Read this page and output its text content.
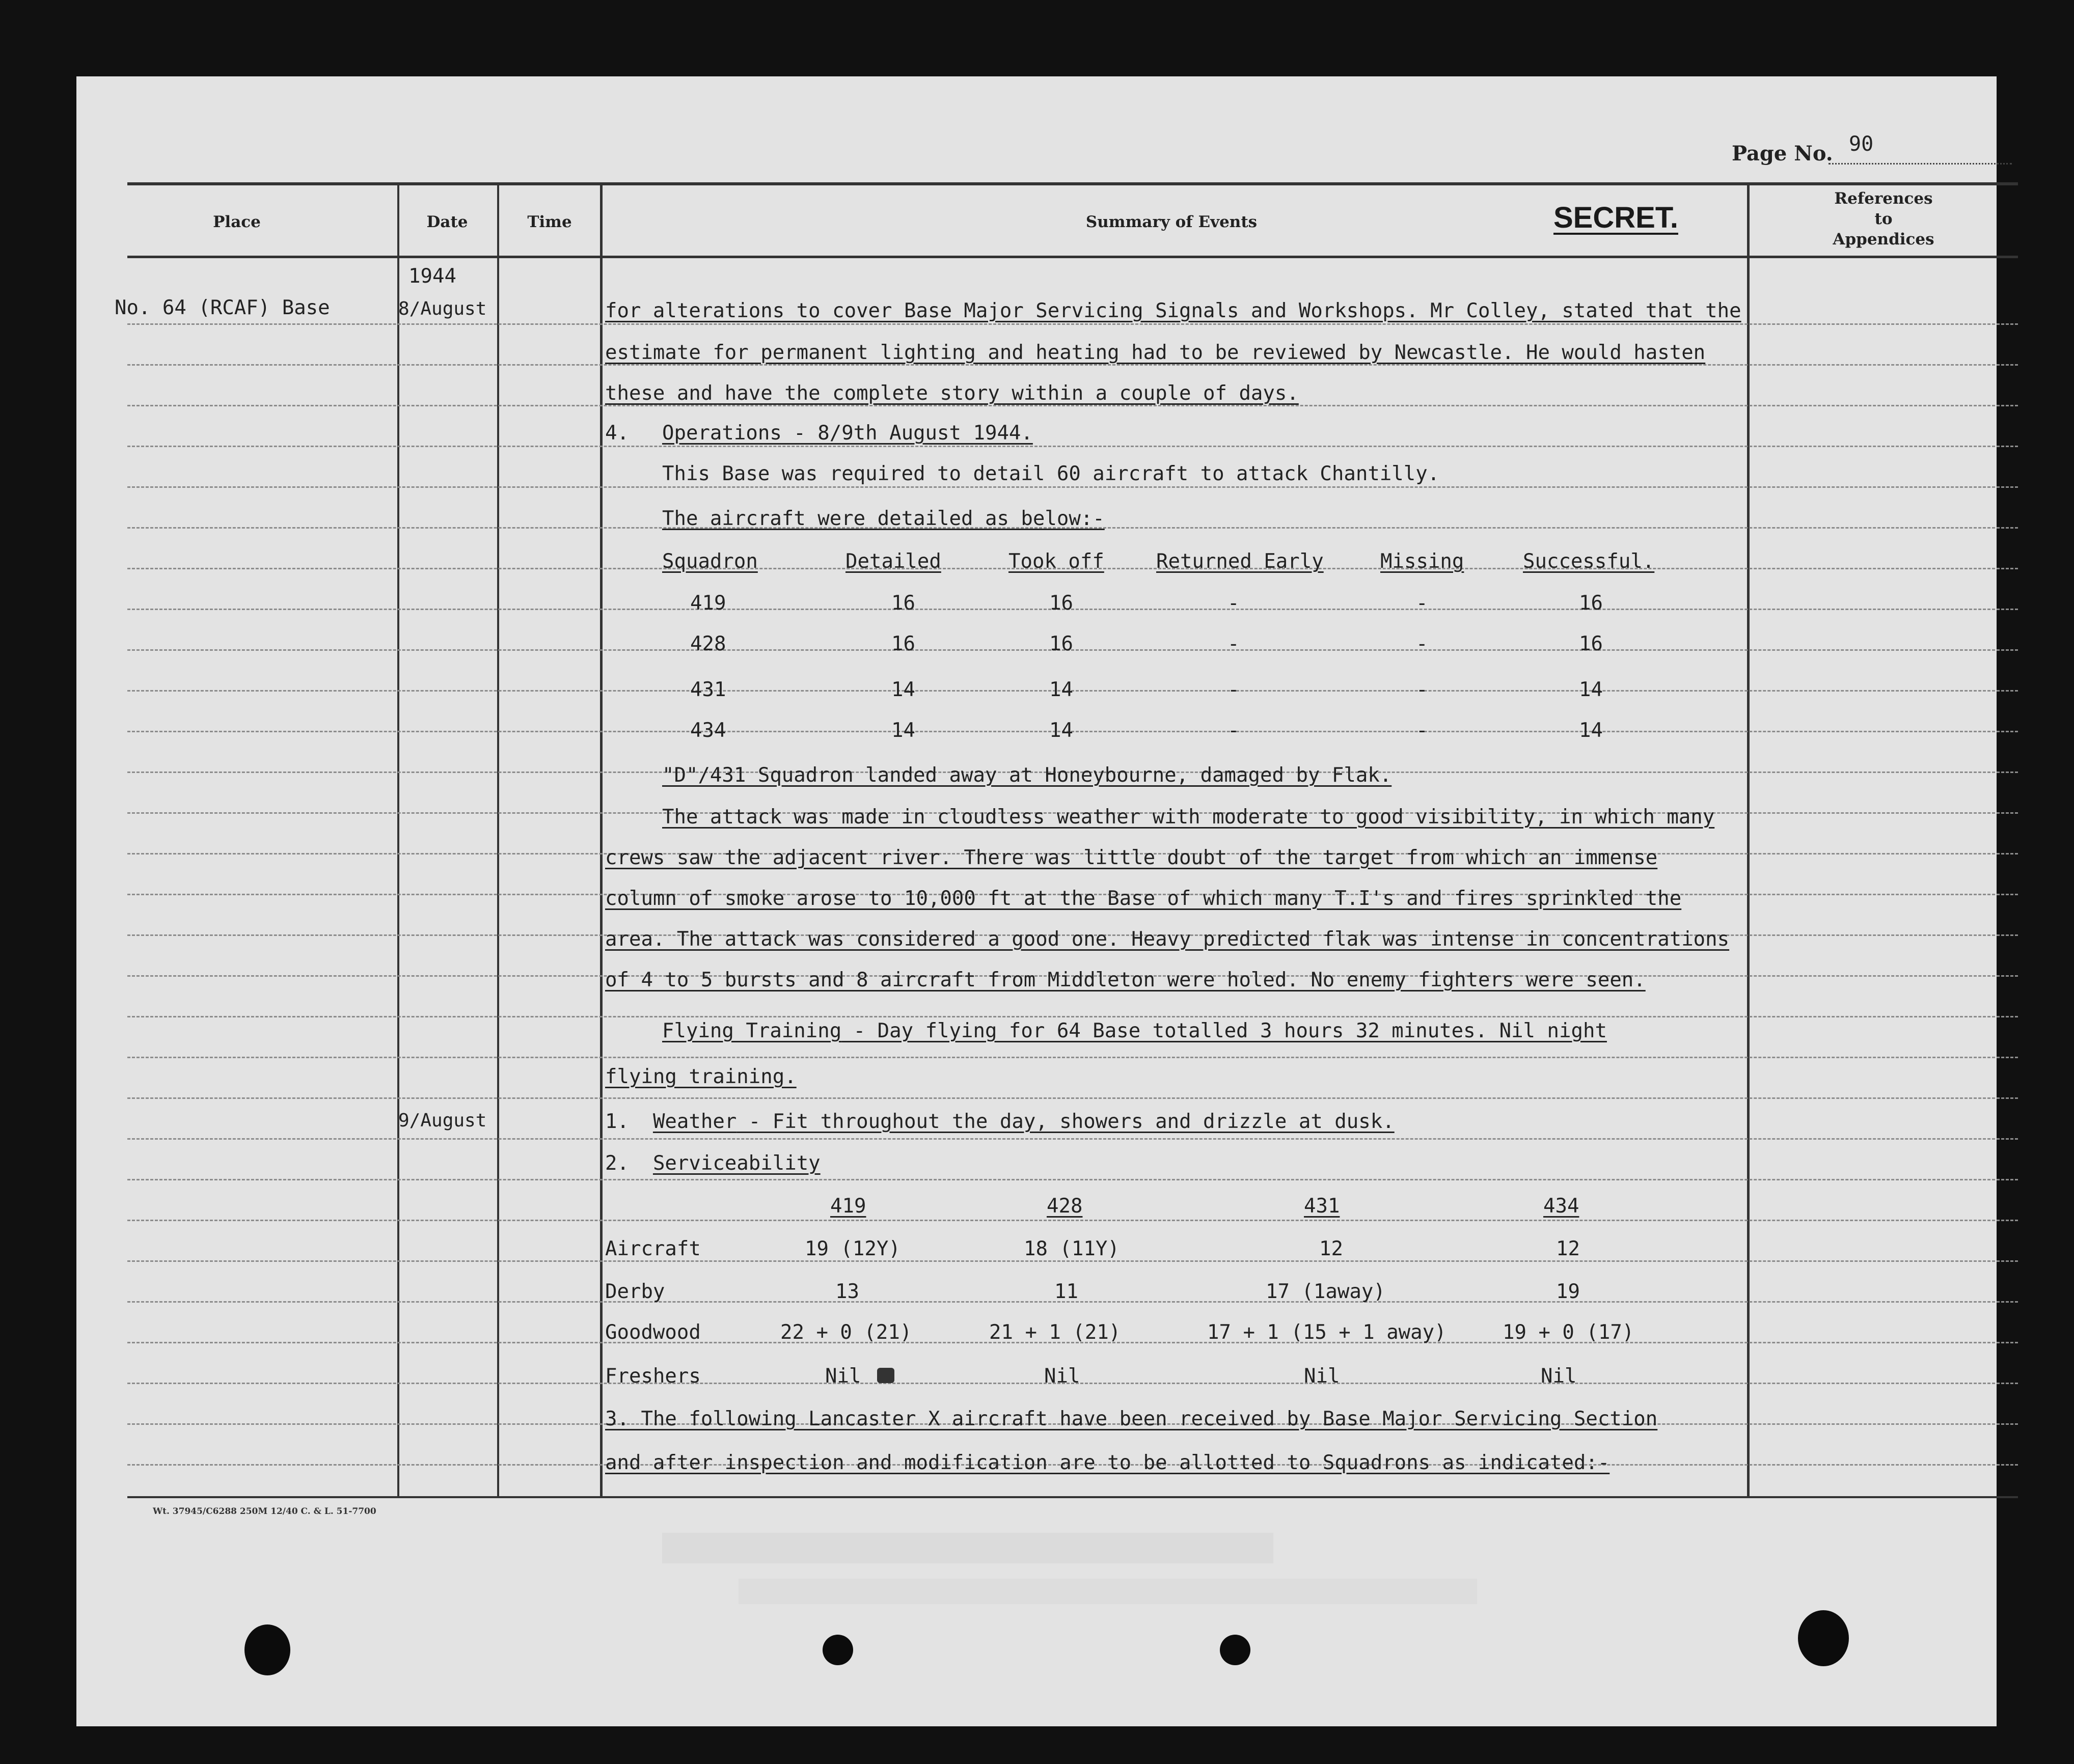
Page No. 90
Place	Date	Time	Summary of Events	SECRET.
References
to
Appendices
No. 64 (RCAF) Base
1944
8/August
9/August
for alterations to cover Base Major Servicing Signals and Workshops. Mr Colley, stated that the
estimate for permanent lighting and heating had to be reviewed by Newcastle. He would hasten
these and have the complete story within a couple of days.
4. Operations - 8/9th August 1944.
This Base was required to detail 60 aircraft to attack Chantilly.
The aircraft were detailed as below:-
Squadron	Detailed	Took off	Returned Early	Missing	Successful.
419	16	16	-	-	16
428	16	16	-	-	16
431	14	14	-	-	14
434	14	14	-	-	14
"D"/431 Squadron landed away at Honeybourne, damaged by Flak.
The attack was made in cloudless weather with moderate to good visibility, in which many
crews saw the adjacent river. There was little doubt of the target from which an immense
column of smoke arose to 10,000 ft at the Base of which many T.I's and fires sprinkled the
area. The attack was considered a good one. Heavy predicted flak was intense in concentrations
of 4 to 5 bursts and 8 aircraft from Middleton were holed. No enemy fighters were seen.
Flying Training - Day flying for 64 Base totalled 3 hours 32 minutes. Nil night
flying training.
1. Weather - Fit throughout the day, showers and drizzle at dusk.
2. Serviceability
419	428	431	434
Aircraft	19 (12Y)	18 (11Y)	12	12
Derby	13	11	17 (1away)	19
Goodwood	22 + 0 (21)	21 + 1 (21)	17 + 1 (15 + 1 away)	19 + 0 (17)
Freshers	Nil	Nil	Nil	Nil
3. The following Lancaster X aircraft have been received by Base Major Servicing Section
and after inspection and modification are to be allotted to Squadrons as indicated:-
Wt. 37945/C6288 250M 12/40 C. & L. 51-7700
